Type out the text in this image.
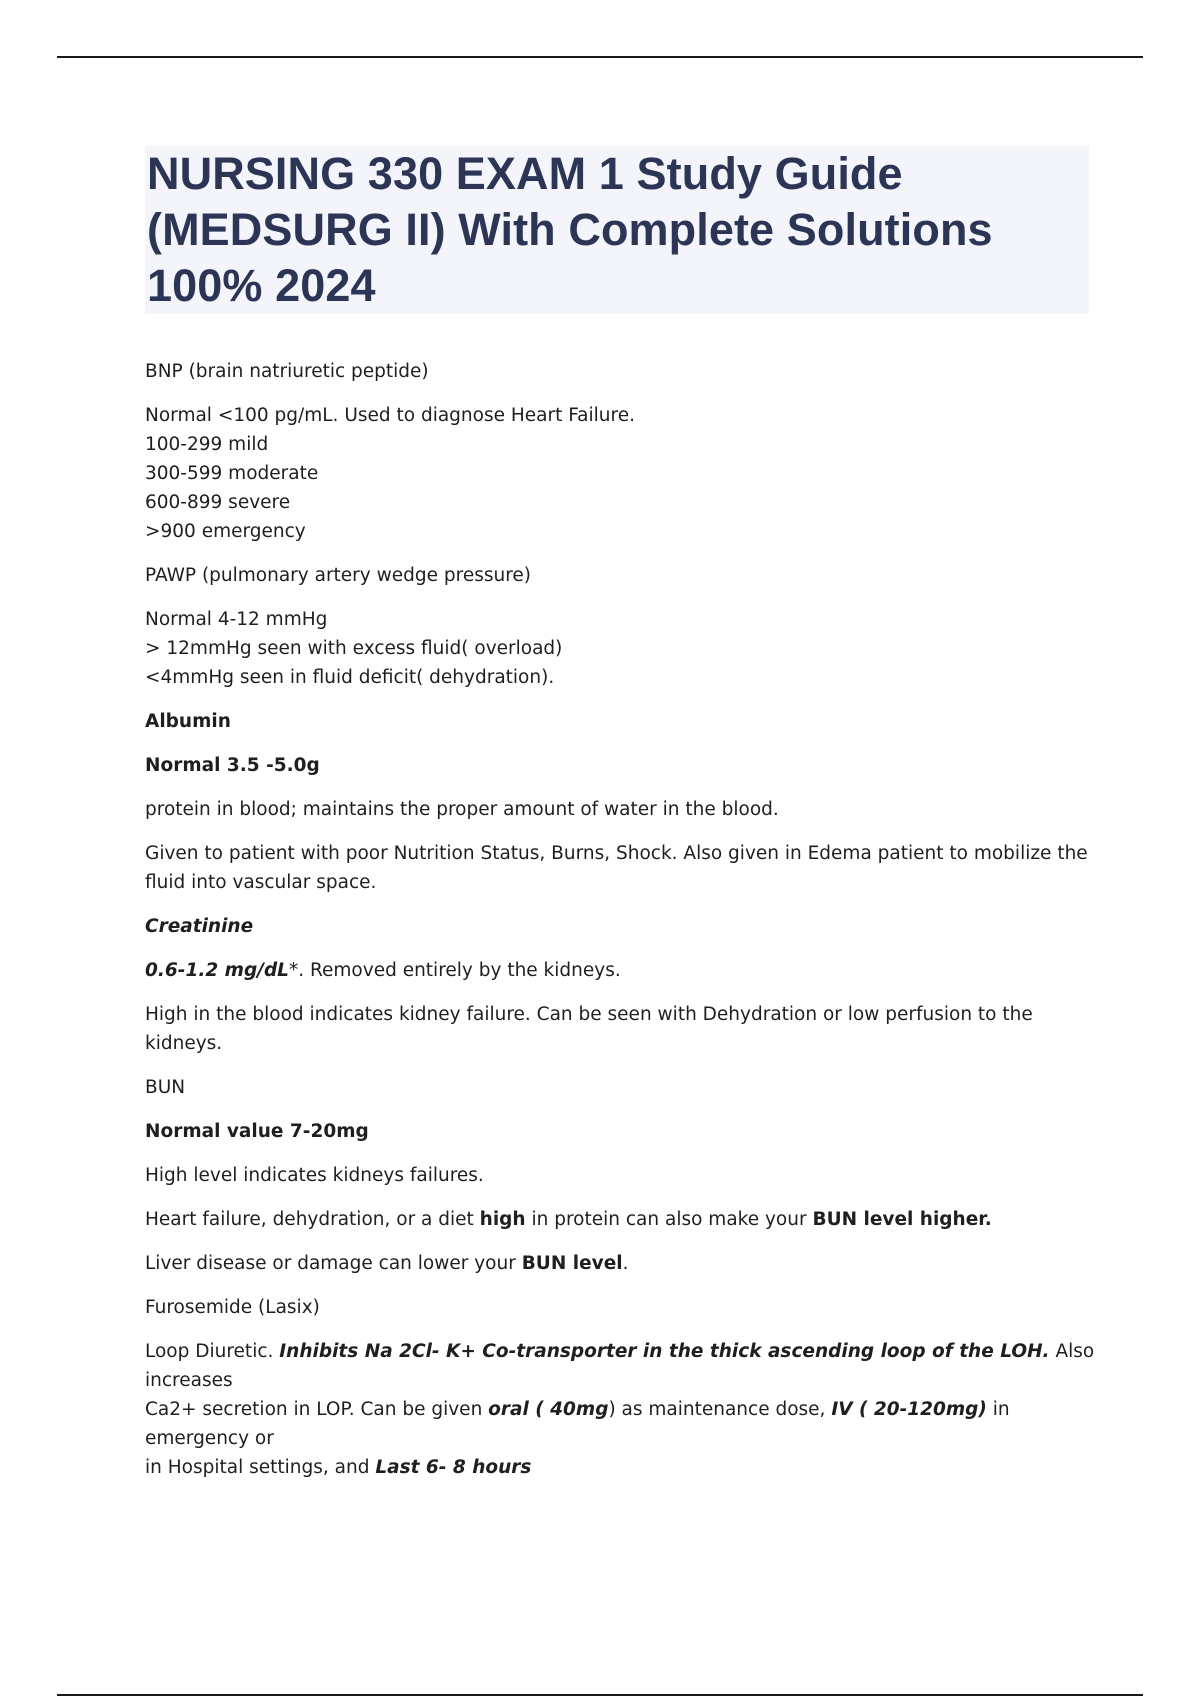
NURSING 330 EXAM 1 Study Guide
(MEDSURG II) With Complete Solutions
100% 2024

BNP (brain natriuretic peptide)

Normal <100 pg/mL. Used to diagnose Heart Failure.
100-299 mild
300-599 moderate
600-899 severe
>900 emergency

PAWP (pulmonary artery wedge pressure)

Normal 4-12 mmHg
> 12mmHg seen with excess fluid( overload)
<4mmHg seen in fluid deficit( dehydration).

Albumin

Normal 3.5 -5.0g

protein in blood; maintains the proper amount of water in the blood.

Given to patient with poor Nutrition Status, Burns, Shock. Also given in Edema patient to mobilize the
fluid into vascular space.

Creatinine

0.6-1.2 mg/dL*. Removed entirely by the kidneys.

High in the blood indicates kidney failure. Can be seen with Dehydration or low perfusion to the kidneys.

BUN

Normal value 7-20mg

High level indicates kidneys failures.

Heart failure, dehydration, or a diet high in protein can also make your BUN level higher.

Liver disease or damage can lower your BUN level.

Furosemide (Lasix)

Loop Diuretic. Inhibits Na 2Cl- K+ Co-transporter in the thick ascending loop of the LOH. Also increases
Ca2+ secretion in LOP. Can be given oral ( 40mg) as maintenance dose, IV ( 20-120mg) in emergency or
in Hospital settings, and Last 6- 8 hours
